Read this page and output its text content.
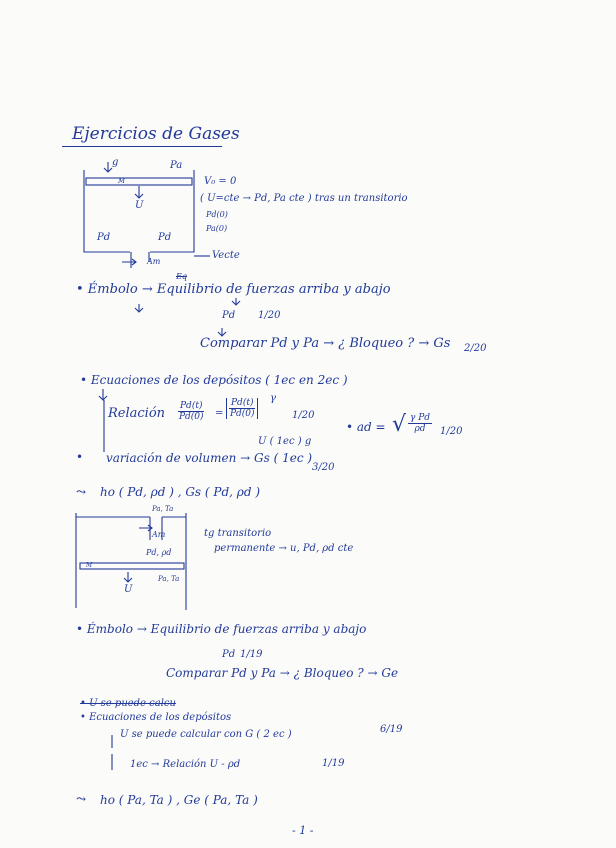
Ejercicios de Gases
g	Pa
M
U
Pd	Pd
Am
Vecte
V₀ = 0
( U=cte → Pd, Pa cte ) tras un transitorio
Pd(0)
Pa(0)
• Émbolo → Equilibrio de fuerzas arriba y abajo
Eq
Pd 1/20
Comparar Pd y Pa → ¿ Bloqueo ? → Gs 2/20
• Ecuaciones de los depósitos ( 1ec en 2ec )
Relación $\frac{Pd(t)}{Pd(0)} = \frac{Pd(t)}{Pd(0)}$ γ
1/20
• ad = √ $\frac{\text{γ Pd}}{\rho d} 1/20$
U ( 1ec ) g
• variación de volumen → Gs ( 1ec )
3/20
⤳ ho ( Pd, ρd ) , Gs ( Pd, ρd )
Pa, Ta
Am
Pd, ρd
M
U
Pa, Ta
tg transitorio
permanente → u, Pd, ρd cte
• Émbolo → Equilibrio de fuerzas arriba y abajo
Pd 1/19
Comparar Pd y Pa → ¿ Bloqueo ? → Ge
• U se puede calcu
• Ecuaciones de los depósitos
U se puede calcular con G ( 2 ec )	6/19
1ec → Relación U - ρd	1/19
⤳ ho ( Pa, Ta ) , Ge ( Pa, Ta )
- 1 -
